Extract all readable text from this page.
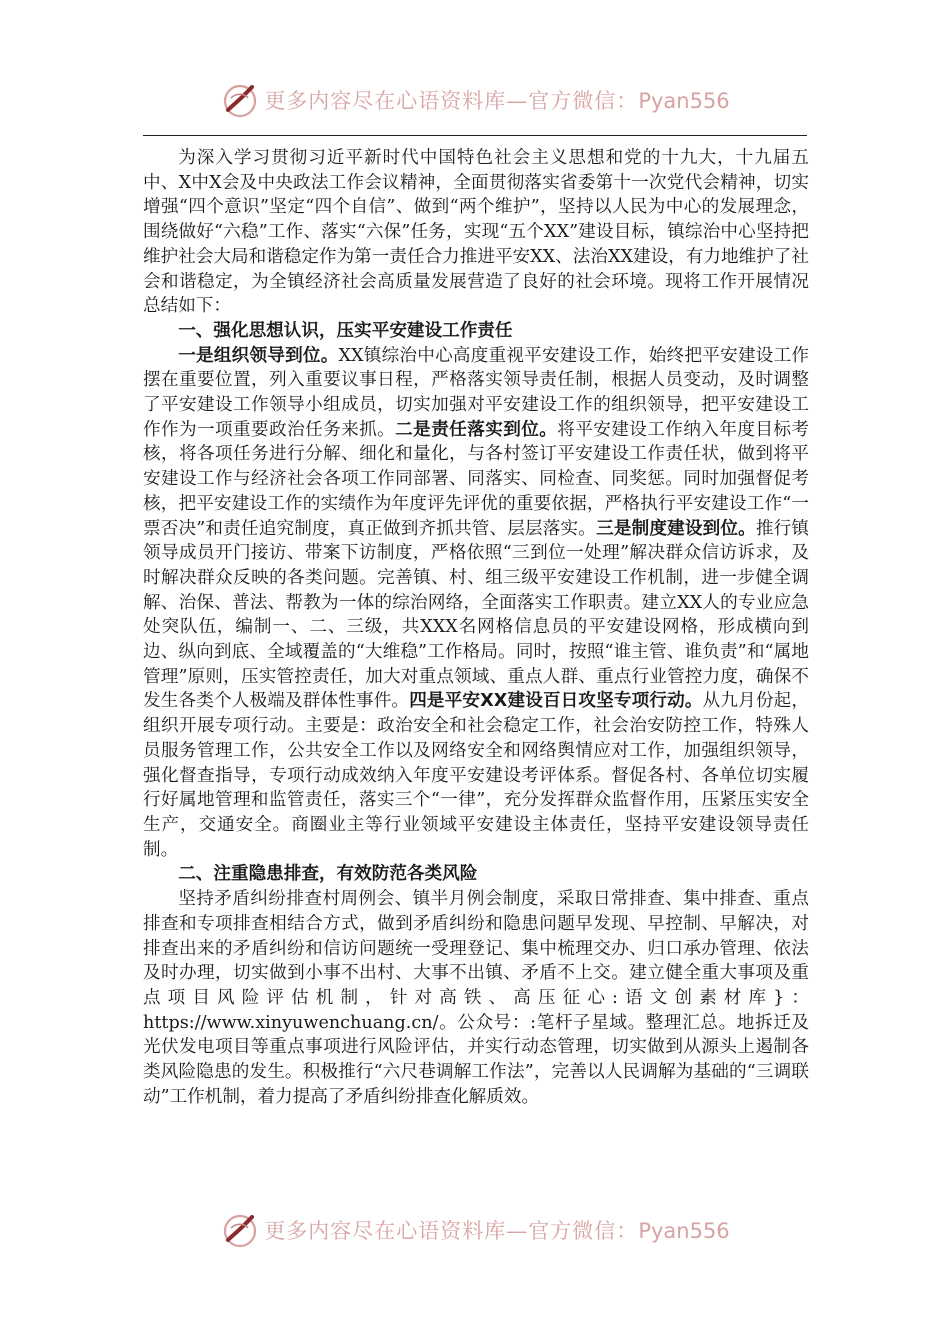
更多内容尽在心语资料库—官方微信：Pyan556

为深入学习贯彻习近平新时代中国特色社会主义思想和党的十九大，十九届五中、X中X会及中央政法工作会议精神，全面贯彻落实省委第十一次党代会精神，切实增强“四个意识”坚定“四个自信”、做到“两个维护”，坚持以人民为中心的发展理念，围绕做好“六稳”工作、落实“六保”任务，实现“五个XX”建设目标，镇综治中心坚持把维护社会大局和谐稳定作为第一责任合力推进平安XX、法治XX建设，有力地维护了社会和谐稳定，为全镇经济社会高质量发展营造了良好的社会环境。现将工作开展情况总结如下：

一、强化思想认识，压实平安建设工作责任

一是组织领导到位。XX镇综治中心高度重视平安建设工作，始终把平安建设工作摆在重要位置，列入重要议事日程，严格落实领导责任制，根据人员变动，及时调整了平安建设工作领导小组成员，切实加强对平安建设工作的组织领导，把平安建设工作作为一项重要政治任务来抓。二是责任落实到位。将平安建设工作纳入年度目标考核，将各项任务进行分解、细化和量化，与各村签订平安建设工作责任状，做到将平安建设工作与经济社会各项工作同部署、同落实、同检查、同奖惩。同时加强督促考核，把平安建设工作的实绩作为年度评先评优的重要依据，严格执行平安建设工作“一票否决”和责任追究制度，真正做到齐抓共管、层层落实。三是制度建设到位。推行镇领导成员开门接访、带案下访制度，严格依照“三到位一处理”解决群众信访诉求，及时解决群众反映的各类问题。完善镇、村、组三级平安建设工作机制，进一步健全调解、治保、普法、帮教为一体的综治网络，全面落实工作职责。建立XX人的专业应急处突队伍，编制一、二、三级，共XXX名网格信息员的平安建设网格，形成横向到边、纵向到底、全域覆盖的“大维稳”工作格局。同时，按照“谁主管、谁负责”和“属地管理”原则，压实管控责任，加大对重点领域、重点人群、重点行业管控力度，确保不发生各类个人极端及群体性事件。四是平安XX建设百日攻坚专项行动。从九月份起，组织开展专项行动。主要是：政治安全和社会稳定工作，社会治安防控工作，特殊人员服务管理工作，公共安全工作以及网络安全和网络舆情应对工作，加强组织领导，强化督查指导，专项行动成效纳入年度平安建设考评体系。督促各村、各单位切实履行好属地管理和监管责任，落实三个“一律”，充分发挥群众监督作用，压紧压实安全生产，交通安全。商圈业主等行业领域平安建设主体责任，坚持平安建设领导责任制。

二、注重隐患排查，有效防范各类风险

坚持矛盾纠纷排查村周例会、镇半月例会制度，采取日常排查、集中排查、重点排查和专项排查相结合方式，做到矛盾纠纷和隐患问题早发现、早控制、早解决，对排查出来的矛盾纠纷和信访问题统一受理登记、集中梳理交办、归口承办管理、依法及时办理，切实做到小事不出村、大事不出镇、矛盾不上交。建立健全重大事项及重点项目风险评估机制，针对高铁、高压征心:语文创素材库}：https://www.xinyuwenchuang.cn/。公众号：:笔杆子星域。整理汇总。地拆迁及光伏发电项目等重点事项进行风险评估，并实行动态管理，切实做到从源头上遏制各类风险隐患的发生。积极推行“六尺巷调解工作法”，完善以人民调解为基础的“三调联动”工作机制，着力提高了矛盾纠纷排查化解质效。

更多内容尽在心语资料库—官方微信：Pyan556
